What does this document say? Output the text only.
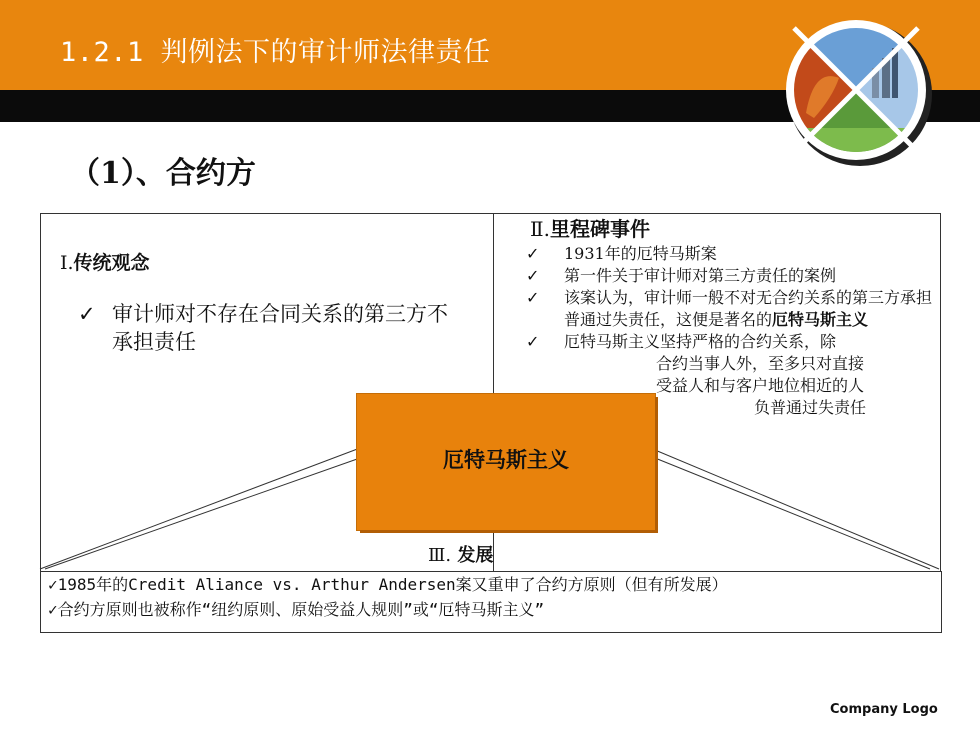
1.2.1 判例法下的审计师法律责任
（1）、合约方
Ⅰ.传统观念
✓ 审计师对不存在合同关系的第三方不承担责任
Ⅱ.里程碑事件
✓ 1931年的厄特马斯案
✓ 第一件关于审计师对第三方责任的案例
✓ 该案认为，审计师一般不对无合约关系的第三方承担普通过失责任，这便是著名的厄特马斯主义
✓ 厄特马斯主义坚持严格的合约关系，除
合约当事人外，至多只对直接
受益人和与客户地位相近的人
负普通过失责任
厄特马斯主义
Ⅲ. 发展
✓1985年的Credit Aliance vs. Arthur Andersen案又重申了合约方原则（但有所发展）
✓合约方原则也被称作“纽约原则、原始受益人规则”或“厄特马斯主义”
Company Logo
